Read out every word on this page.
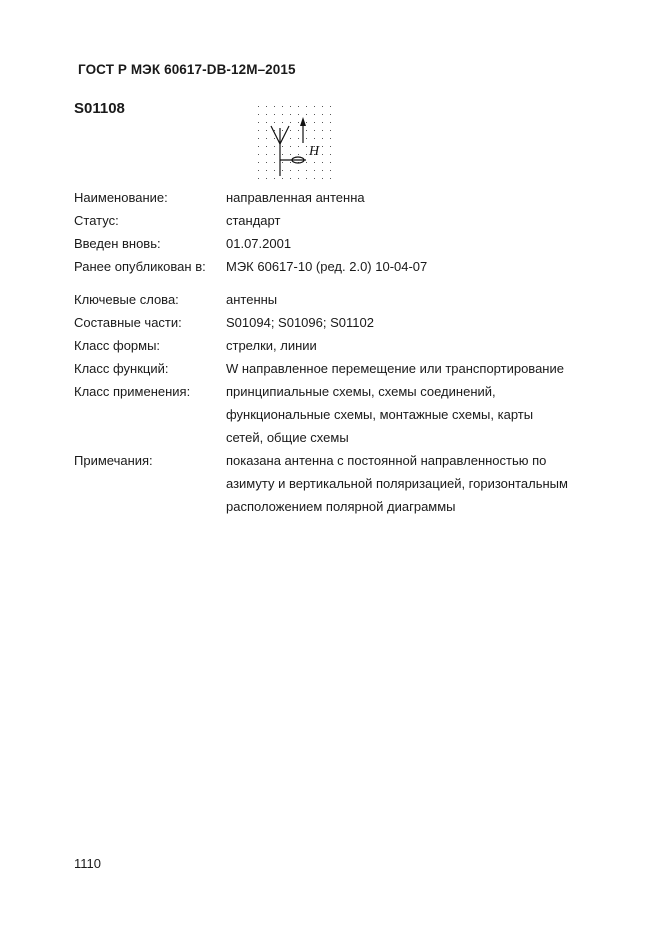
ГОСТ Р МЭК 60617-DB-12M–2015
S01108
H
Наименование:	направленная антенна
Статус:	стандарт
Введен вновь:	01.07.2001
Ранее опубликован в:	МЭК 60617-10 (ред. 2.0) 10-04-07
Ключевые слова:	антенны
Составные части:	S01094; S01096; S01102
Класс формы:	стрелки, линии
Класс функций:	W направленное перемещение или транспортирование
Класс применения:	принципиальные схемы, схемы соединений,
функциональные схемы, монтажные схемы, карты
сетей, общие схемы
Примечания:	показана антенна с постоянной направленностью по
азимуту и вертикальной поляризацией, горизонтальным
расположением полярной диаграммы
1110
